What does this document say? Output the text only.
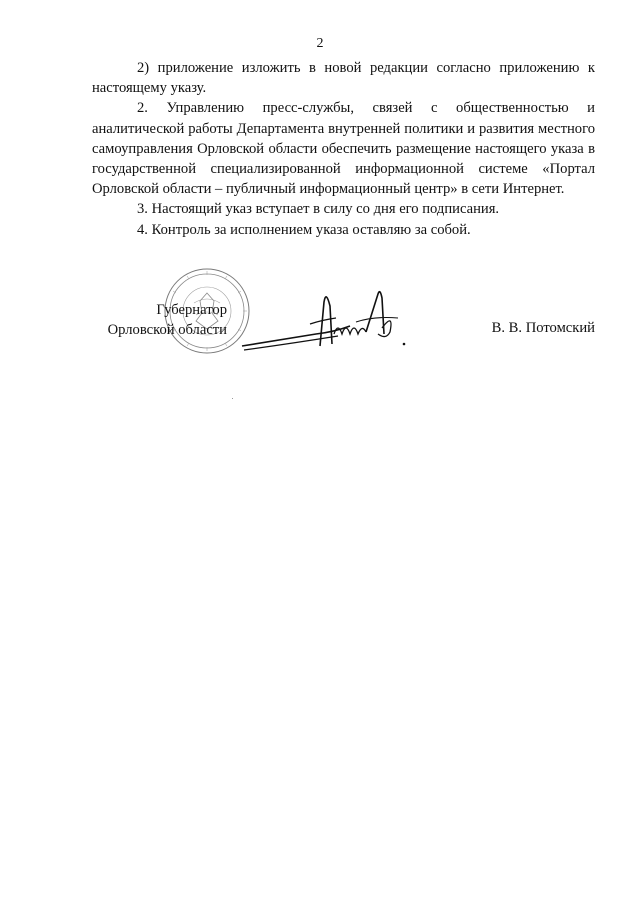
2

2) приложение изложить в новой редакции согласно приложению к настоящему указу.

2. Управлению пресс-службы, связей с общественностью и аналитической работы Департамента внутренней политики и развития местного самоуправления Орловской области обеспечить размещение настоящего указа в государственной специализированной информационной системе «Портал Орловской области – публичный информационный центр» в сети Интернет.

3. Настоящий указ вступает в силу со дня его подписания.

4. Контроль за исполнением указа оставляю за собой.

Губернатор
Орловской области	В. В. Потомский
